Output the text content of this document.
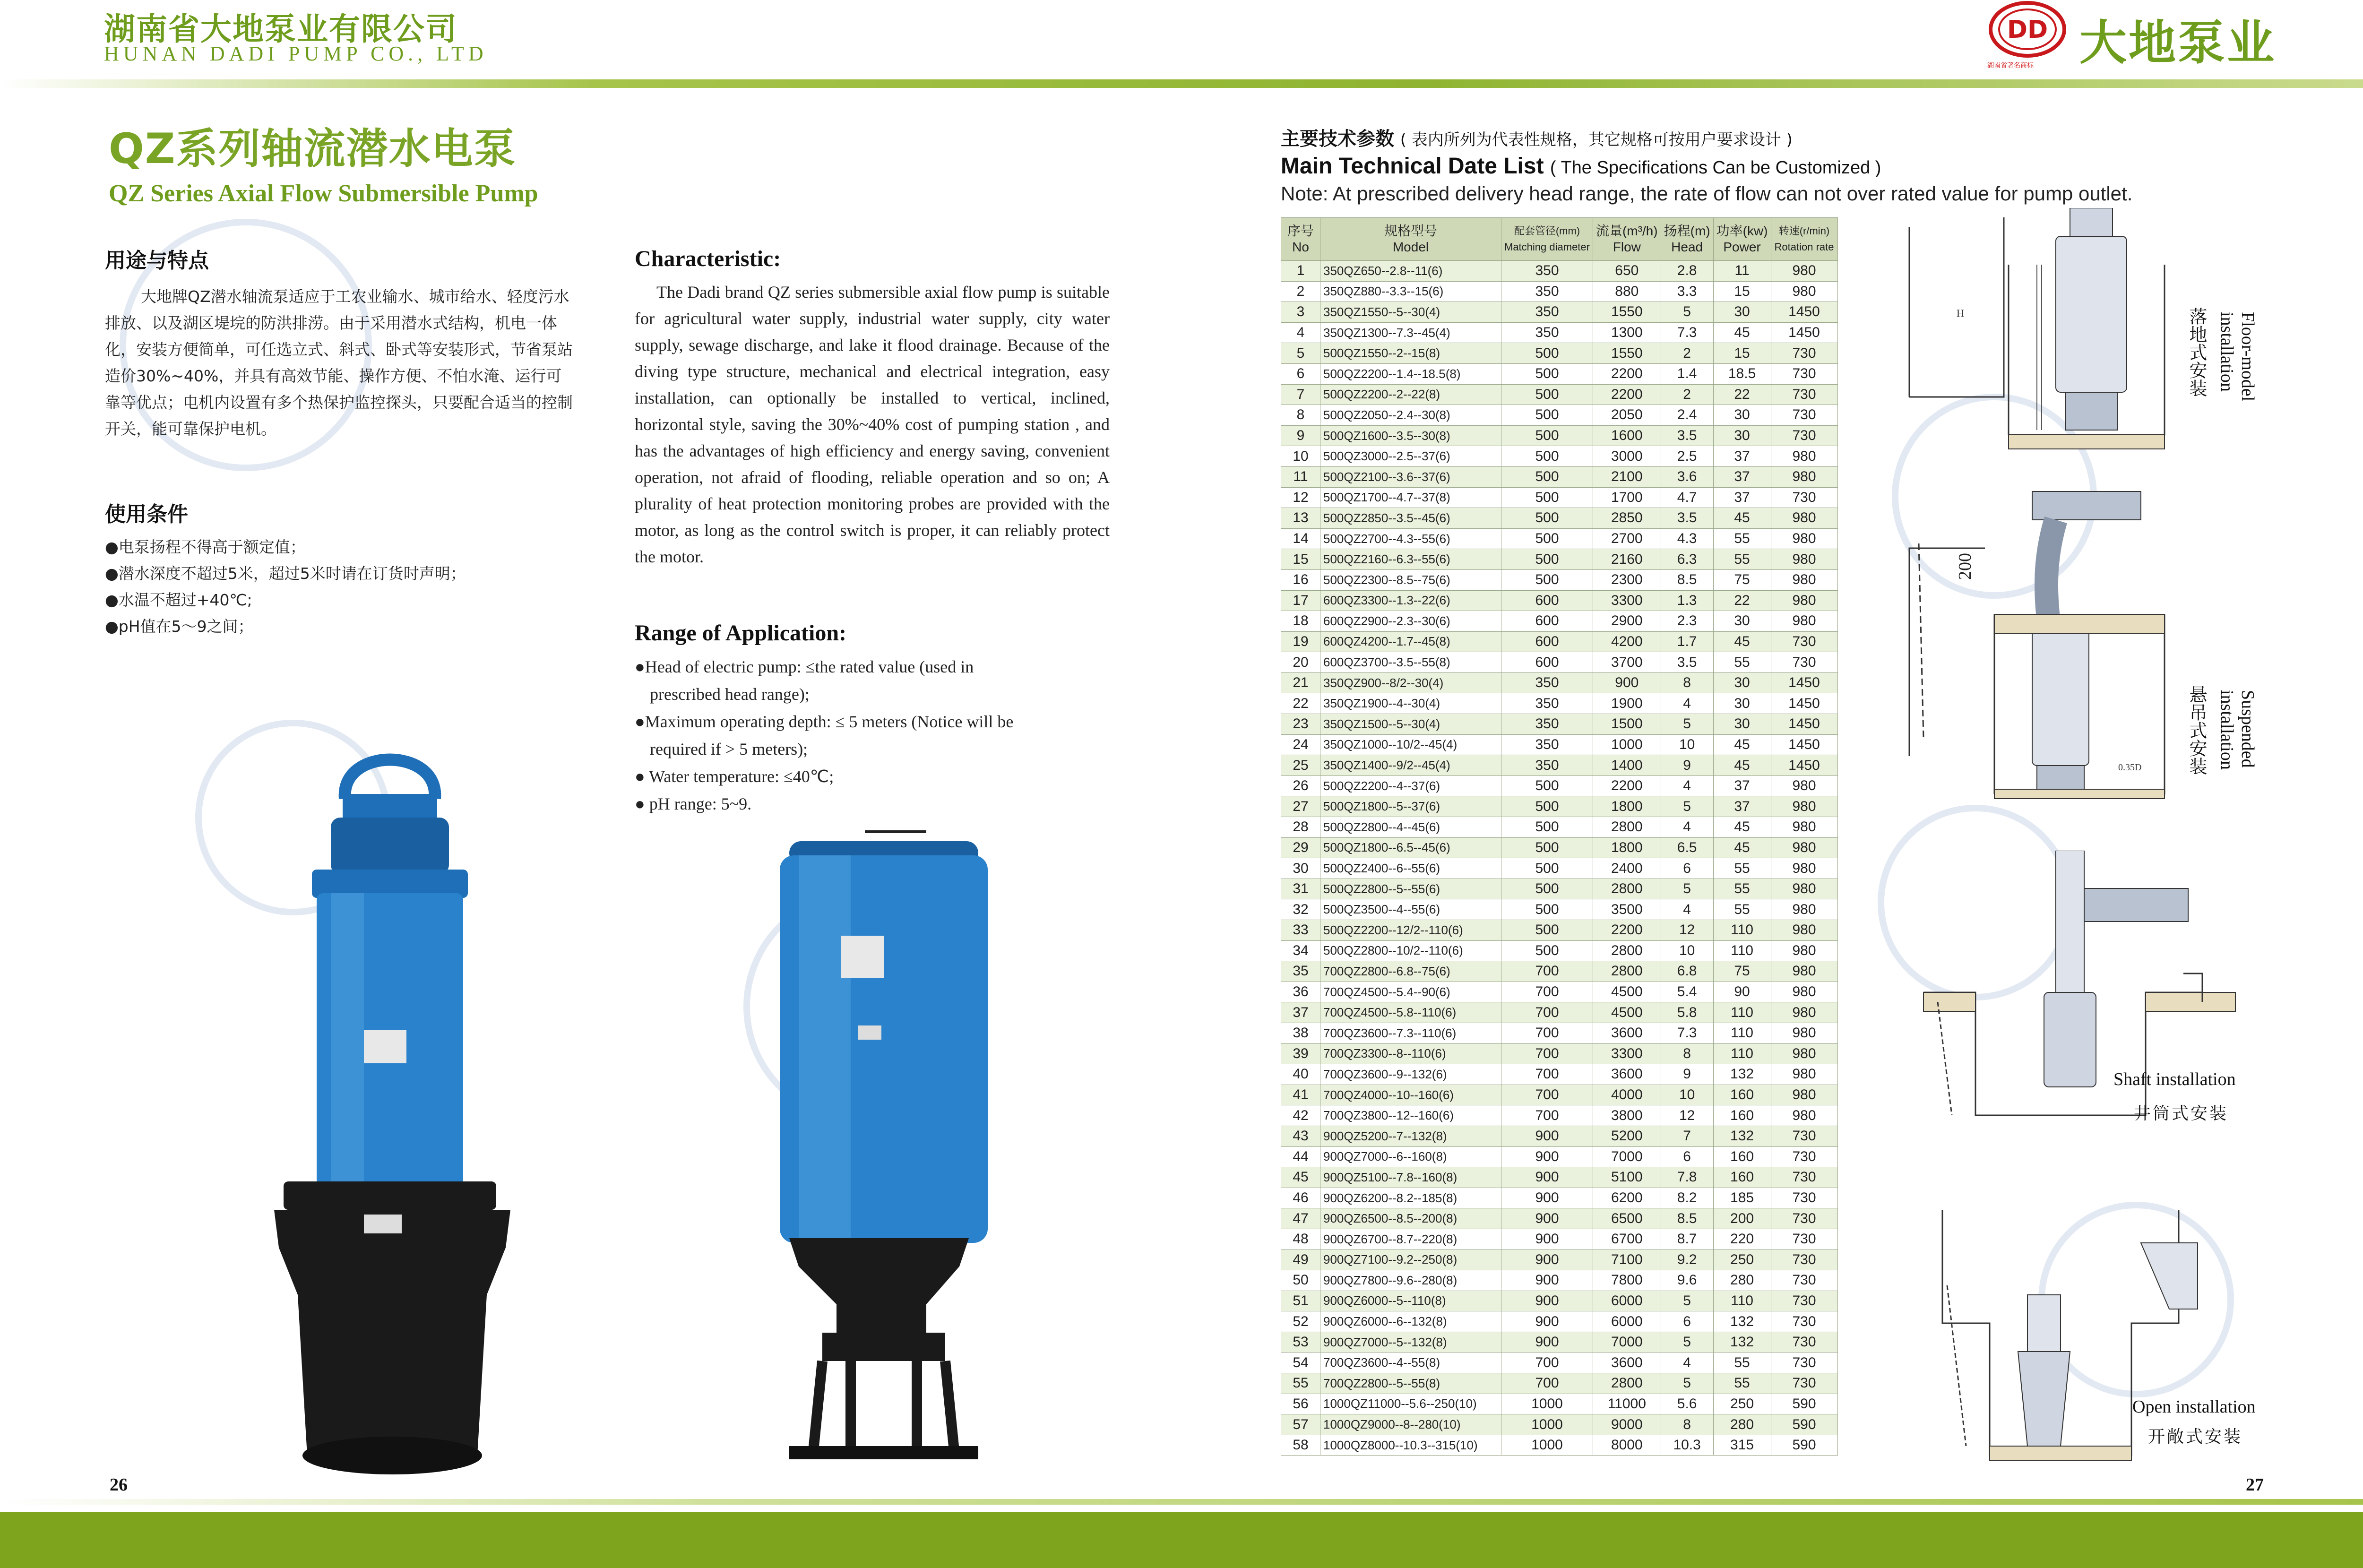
湖南省大地泵业有限公司
HUNAN DADI PUMP CO., LTD
DD
湖南省著名商标 大地泵业
QZ系列轴流潜水电泵
QZ Series Axial Flow Submersible Pump
用途与特点
大地牌QZ潜水轴流泵适应于工农业输水、城市给水、轻度污水排放、以及湖区堤垸的防洪排涝。由于采用潜水式结构，机电一体化，安装方便简单，可任选立式、斜式、卧式等安装形式，节省泵站造价30%~40%，并具有高效节能、操作方便、不怕水淹、运行可靠等优点；电机内设置有多个热保护监控探头，只要配合适当的控制开关，能可靠保护电机。
使用条件
●电泵扬程不得高于额定值；
●潜水深度不超过5米，超过5米时请在订货时声明；
●水温不超过+40℃;
●pH值在5～9之间；
Characteristic:
The Dadi brand QZ series submersible axial flow pump is suitable for agricultural water supply, industrial water supply, city water supply, sewage discharge, and lake it flood drainage. Because of the diving type structure, mechanical and electrical integration, easy installation, can optionally be installed to vertical, inclined, horizontal style, saving the 30%~40% cost of pumping station , and has the advantages of high efficiency and energy saving, convenient operation, not afraid of flooding, reliable operation and so on; A plurality of heat protection monitoring probes are provided with the motor, as long as the control switch is proper, it can reliably protect the motor.
Range of Application:
●Head of electric pump: ≤the rated value (used in
prescribed head range);
●Maximum operating depth: ≤ 5 meters (Notice will be
required if > 5 meters);
● Water temperature: ≤40℃;
● pH range: 5~9.
26
主要技术参数 ( 表内所列为代表性规格，其它规格可按用户要求设计 )
Main Technical Date List ( The Specifications Can be Customized )
Note: At prescribed delivery head range, the rate of flow can not over rated value for pump outlet.
序号
No	规格型号
Model	配套管径(mm)
Matching diameter	流量(m³/h)
Flow	扬程(m)
Head	功率(kw)
Power	转速(r/min)
Rotation rate
1	350QZ650--2.8--11(6)	350	650	2.8	11	980
2	350QZ880--3.3--15(6)	350	880	3.3	15	980
3	350QZ1550--5--30(4)	350	1550	5	30	1450
4	350QZ1300--7.3--45(4)	350	1300	7.3	45	1450
5	500QZ1550--2--15(8)	500	1550	2	15	730
6	500QZ2200--1.4--18.5(8)	500	2200	1.4	18.5	730
7	500QZ2200--2--22(8)	500	2200	2	22	730
8	500QZ2050--2.4--30(8)	500	2050	2.4	30	730
9	500QZ1600--3.5--30(8)	500	1600	3.5	30	730
10	500QZ3000--2.5--37(6)	500	3000	2.5	37	980
11	500QZ2100--3.6--37(6)	500	2100	3.6	37	980
12	500QZ1700--4.7--37(8)	500	1700	4.7	37	730
13	500QZ2850--3.5--45(6)	500	2850	3.5	45	980
14	500QZ2700--4.3--55(6)	500	2700	4.3	55	980
15	500QZ2160--6.3--55(6)	500	2160	6.3	55	980
16	500QZ2300--8.5--75(6)	500	2300	8.5	75	980
17	600QZ3300--1.3--22(6)	600	3300	1.3	22	980
18	600QZ2900--2.3--30(6)	600	2900	2.3	30	980
19	600QZ4200--1.7--45(8)	600	4200	1.7	45	730
20	600QZ3700--3.5--55(8)	600	3700	3.5	55	730
21	350QZ900--8/2--30(4)	350	900	8	30	1450
22	350QZ1900--4--30(4)	350	1900	4	30	1450
23	350QZ1500--5--30(4)	350	1500	5	30	1450
24	350QZ1000--10/2--45(4)	350	1000	10	45	1450
25	350QZ1400--9/2--45(4)	350	1400	9	45	1450
26	500QZ2200--4--37(6)	500	2200	4	37	980
27	500QZ1800--5--37(6)	500	1800	5	37	980
28	500QZ2800--4--45(6)	500	2800	4	45	980
29	500QZ1800--6.5--45(6)	500	1800	6.5	45	980
30	500QZ2400--6--55(6)	500	2400	6	55	980
31	500QZ2800--5--55(6)	500	2800	5	55	980
32	500QZ3500--4--55(6)	500	3500	4	55	980
33	500QZ2200--12/2--110(6)	500	2200	12	110	980
34	500QZ2800--10/2--110(6)	500	2800	10	110	980
35	700QZ2800--6.8--75(6)	700	2800	6.8	75	980
36	700QZ4500--5.4--90(6)	700	4500	5.4	90	980
37	700QZ4500--5.8--110(6)	700	4500	5.8	110	980
38	700QZ3600--7.3--110(6)	700	3600	7.3	110	980
39	700QZ3300--8--110(6)	700	3300	8	110	980
40	700QZ3600--9--132(6)	700	3600	9	132	980
41	700QZ4000--10--160(6)	700	4000	10	160	980
42	700QZ3800--12--160(6)	700	3800	12	160	980
43	900QZ5200--7--132(8)	900	5200	7	132	730
44	900QZ7000--6--160(8)	900	7000	6	160	730
45	900QZ5100--7.8--160(8)	900	5100	7.8	160	730
46	900QZ6200--8.2--185(8)	900	6200	8.2	185	730
47	900QZ6500--8.5--200(8)	900	6500	8.5	200	730
48	900QZ6700--8.7--220(8)	900	6700	8.7	220	730
49	900QZ7100--9.2--250(8)	900	7100	9.2	250	730
50	900QZ7800--9.6--280(8)	900	7800	9.6	280	730
51	900QZ6000--5--110(8)	900	6000	5	110	730
52	900QZ6000--6--132(8)	900	6000	6	132	730
53	900QZ7000--5--132(8)	900	7000	5	132	730
54	700QZ3600--4--55(8)	700	3600	4	55	730
55	700QZ2800--5--55(8)	700	2800	5	55	730
56	1000QZ11000--5.6--250(10)	1000	11000	5.6	250	590
57	1000QZ9000--8--280(10)	1000	9000	8	280	590
58	1000QZ8000--10.3--315(10)	1000	8000	10.3	315	590
H	落地式安装	Floor-model installation
0.35D
200
悬吊式安装	Suspended installation
Shaft installation
井筒式安装
Open installation
开敞式安装
27
